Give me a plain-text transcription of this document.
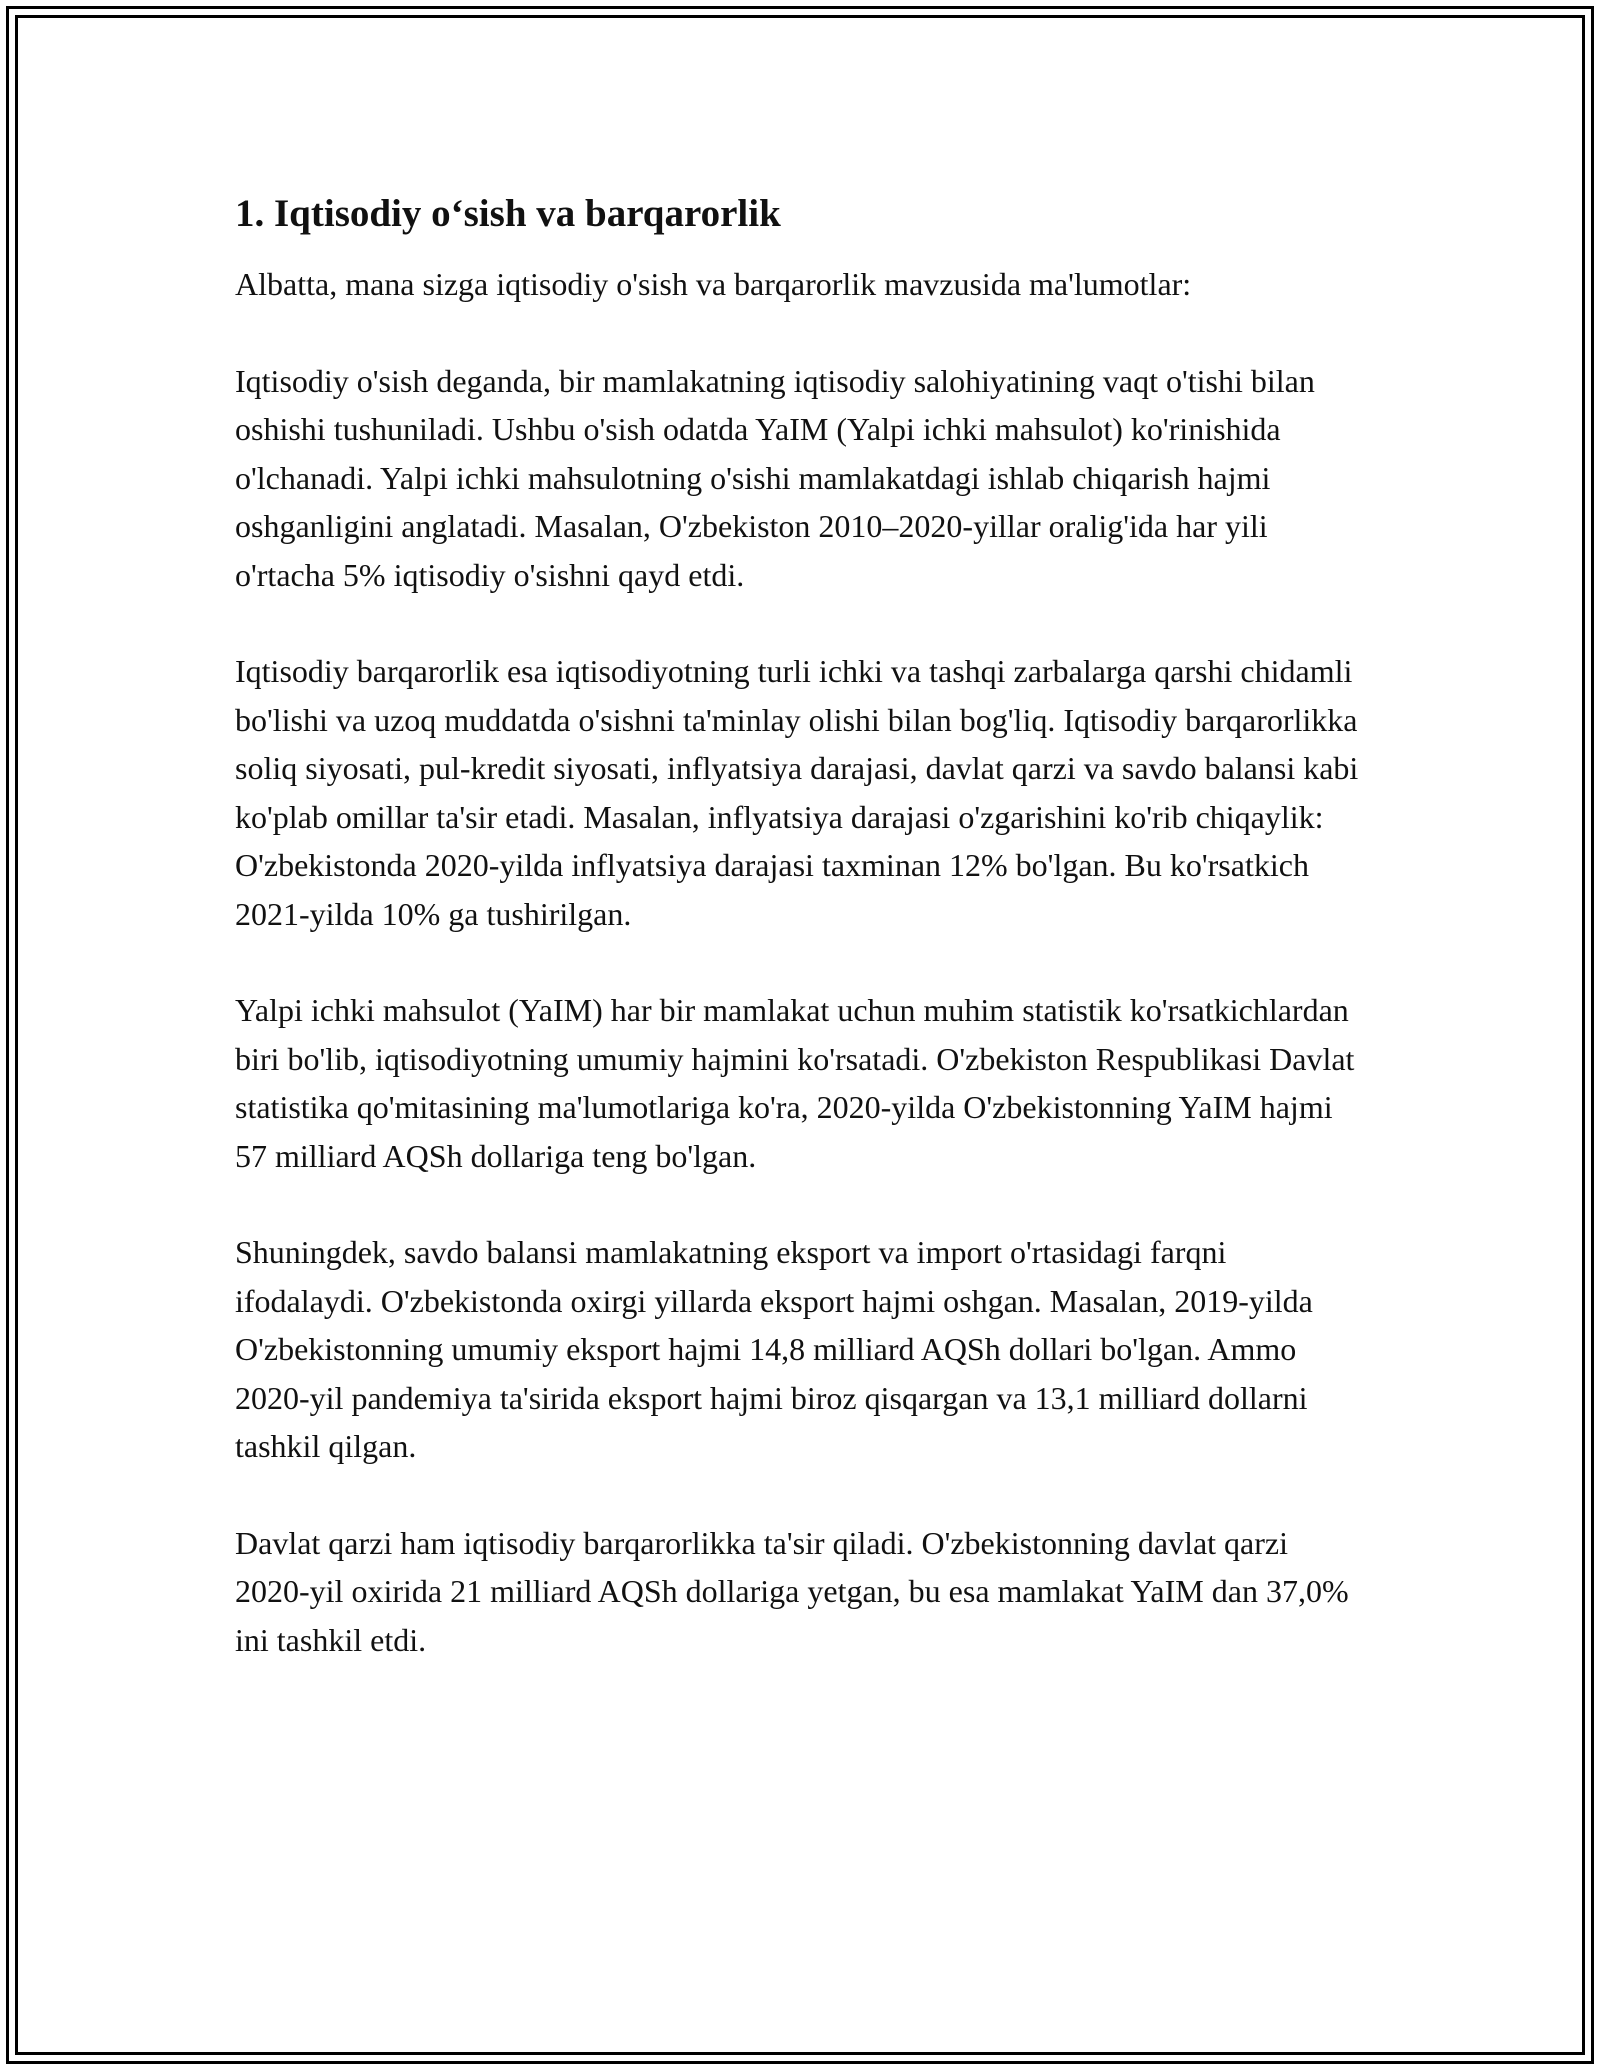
1. Iqtisodiy o‘sish va barqarorlik

Albatta, mana sizga iqtisodiy o'sish va barqarorlik mavzusida ma'lumotlar:

Iqtisodiy o'sish deganda, bir mamlakatning iqtisodiy salohiyatining vaqt o'tishi bilan oshishi tushuniladi. Ushbu o'sish odatda YaIM (Yalpi ichki mahsulot) ko'rinishida o'lchanadi. Yalpi ichki mahsulotning o'sishi mamlakatdagi ishlab chiqarish hajmi oshganligini anglatadi. Masalan, O'zbekiston 2010–2020-yillar oralig'ida har yili o'rtacha 5% iqtisodiy o'sishni qayd etdi.

Iqtisodiy barqarorlik esa iqtisodiyotning turli ichki va tashqi zarbalarga qarshi chidamli bo'lishi va uzoq muddatda o'sishni ta'minlay olishi bilan bog'liq. Iqtisodiy barqarorlikka soliq siyosati, pul-kredit siyosati, inflyatsiya darajasi, davlat qarzi va savdo balansi kabi ko'plab omillar ta'sir etadi. Masalan, inflyatsiya darajasi o'zgarishini ko'rib chiqaylik: O'zbekistonda 2020-yilda inflyatsiya darajasi taxminan 12% bo'lgan. Bu ko'rsatkich 2021-yilda 10% ga tushirilgan.

Yalpi ichki mahsulot (YaIM) har bir mamlakat uchun muhim statistik ko'rsatkichlardan biri bo'lib, iqtisodiyotning umumiy hajmini ko'rsatadi. O'zbekiston Respublikasi Davlat statistika qo'mitasining ma'lumotlariga ko'ra, 2020-yilda O'zbekistonning YaIM hajmi 57 milliard AQSh dollariga teng bo'lgan.

Shuningdek, savdo balansi mamlakatning eksport va import o'rtasidagi farqni ifodalaydi. O'zbekistonda oxirgi yillarda eksport hajmi oshgan. Masalan, 2019-yilda O'zbekistonning umumiy eksport hajmi 14,8 milliard AQSh dollari bo'lgan. Ammo 2020-yil pandemiya ta'sirida eksport hajmi biroz qisqargan va 13,1 milliard dollarni tashkil qilgan.

Davlat qarzi ham iqtisodiy barqarorlikka ta'sir qiladi. O'zbekistonning davlat qarzi 2020-yil oxirida 21 milliard AQSh dollariga yetgan, bu esa mamlakat YaIM dan 37,0% ini tashkil etdi.
